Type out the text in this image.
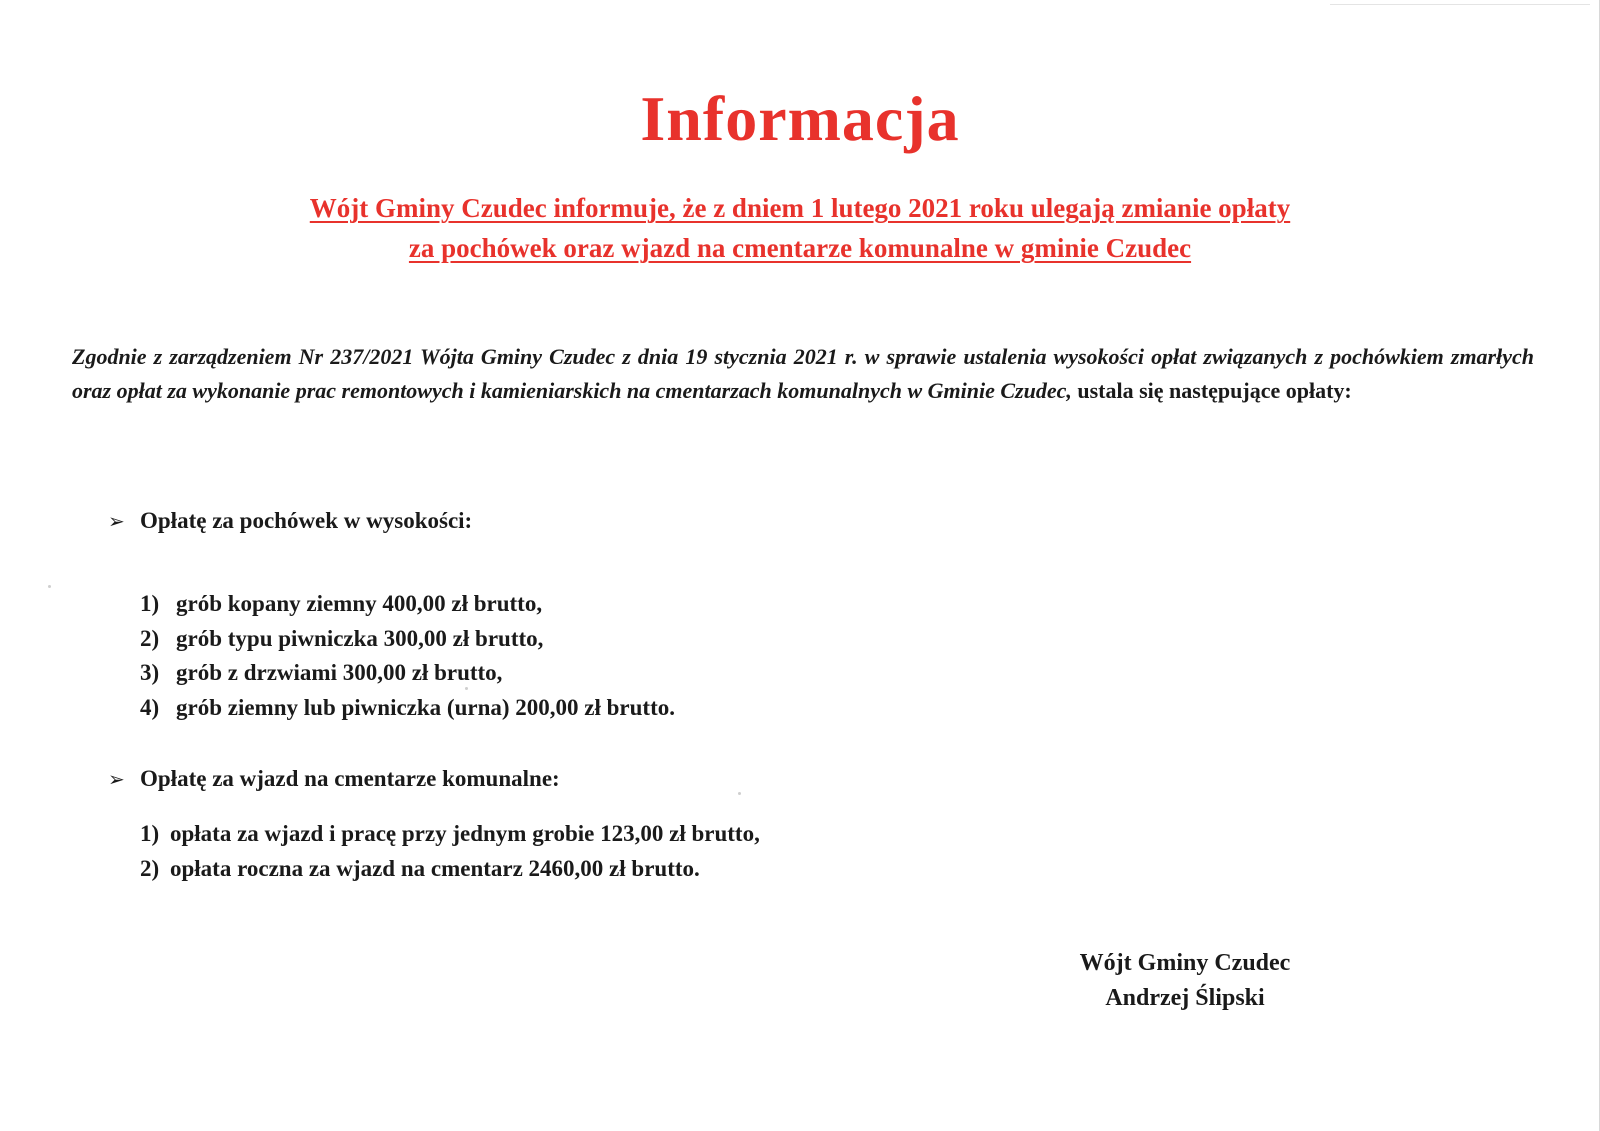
Informacja
Wójt Gminy Czudec informuje, że z dniem 1 lutego 2021 roku ulegają zmianie opłaty
za pochówek oraz wjazd na cmentarze komunalne w gminie Czudec
Zgodnie z zarządzeniem Nr 237/2021 Wójta Gminy Czudec z dnia 19 stycznia 2021 r. w sprawie ustalenia wysokości opłat związanych z pochówkiem zmarłych oraz opłat za wykonanie prac remontowych i kamieniarskich na cmentarzach komunalnych w Gminie Czudec, ustala się następujące opłaty:
➢ Opłatę za pochówek w wysokości:
1) grób kopany ziemny 400,00 zł brutto,
2) grób typu piwniczka 300,00 zł brutto,
3) grób z drzwiami 300,00 zł brutto,
4) grób ziemny lub piwniczka (urna) 200,00 zł brutto.
➢ Opłatę za wjazd na cmentarze komunalne:
1) opłata za wjazd i pracę przy jednym grobie 123,00 zł brutto,
2) opłata roczna za wjazd na cmentarz 2460,00 zł brutto.
Wójt Gminy Czudec
Andrzej Ślipski
